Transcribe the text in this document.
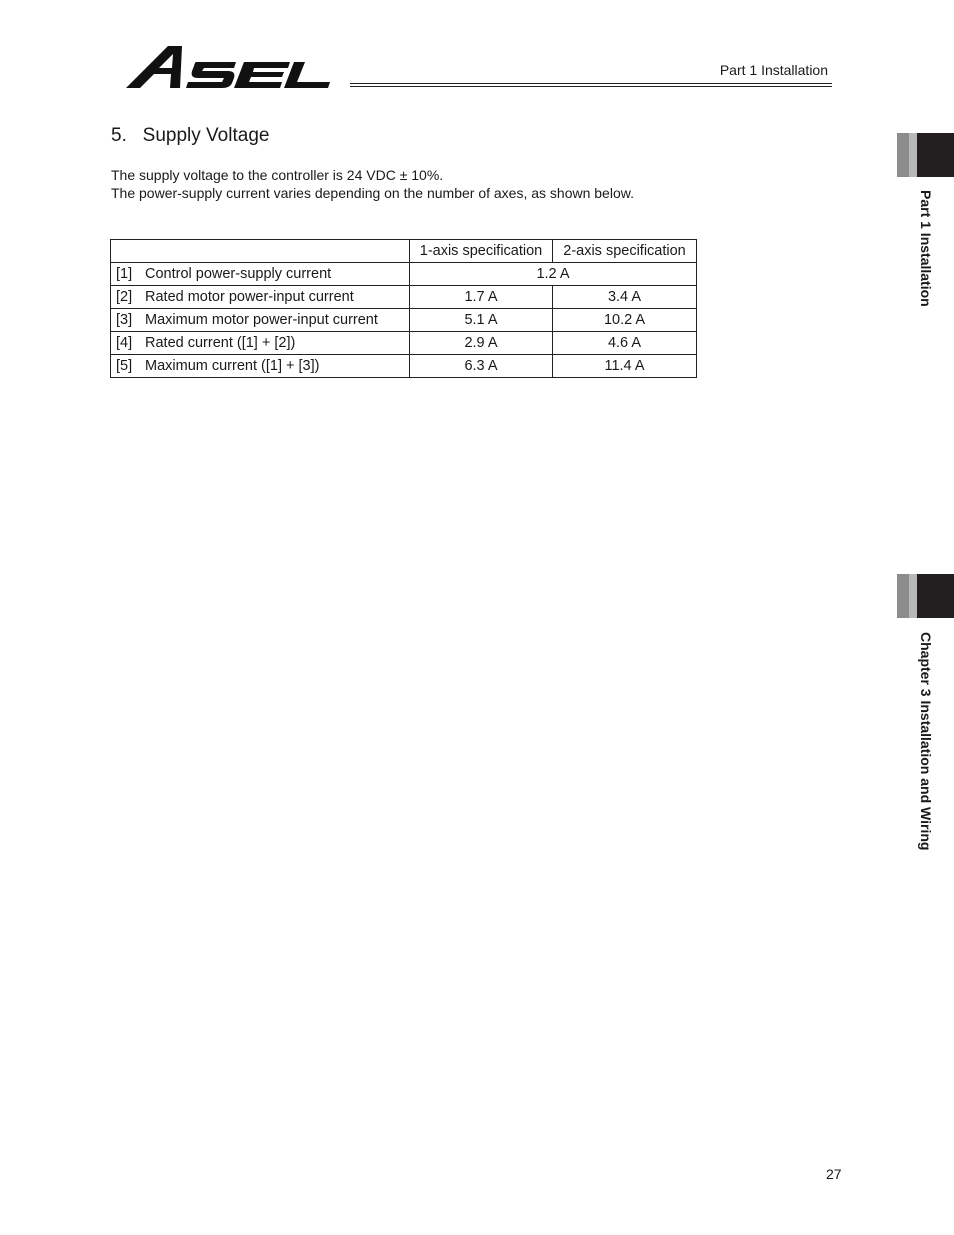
Part 1 Installation
5.   Supply Voltage
The supply voltage to the controller is 24 VDC ± 10%.
The power-supply current varies depending on the number of axes, as shown below.
	1-axis specification	2-axis specification
[1] Control power-supply current	1.2 A	
[2] Rated motor power-input current	1.7 A	3.4 A
[3] Maximum motor power-input current	5.1 A	10.2 A
[4] Rated current ([1] + [2])	2.9 A	4.6 A
[5] Maximum current ([1] + [3])	6.3 A	11.4 A
Part 1 Installation
Chapter 3 Installation and Wiring
27
